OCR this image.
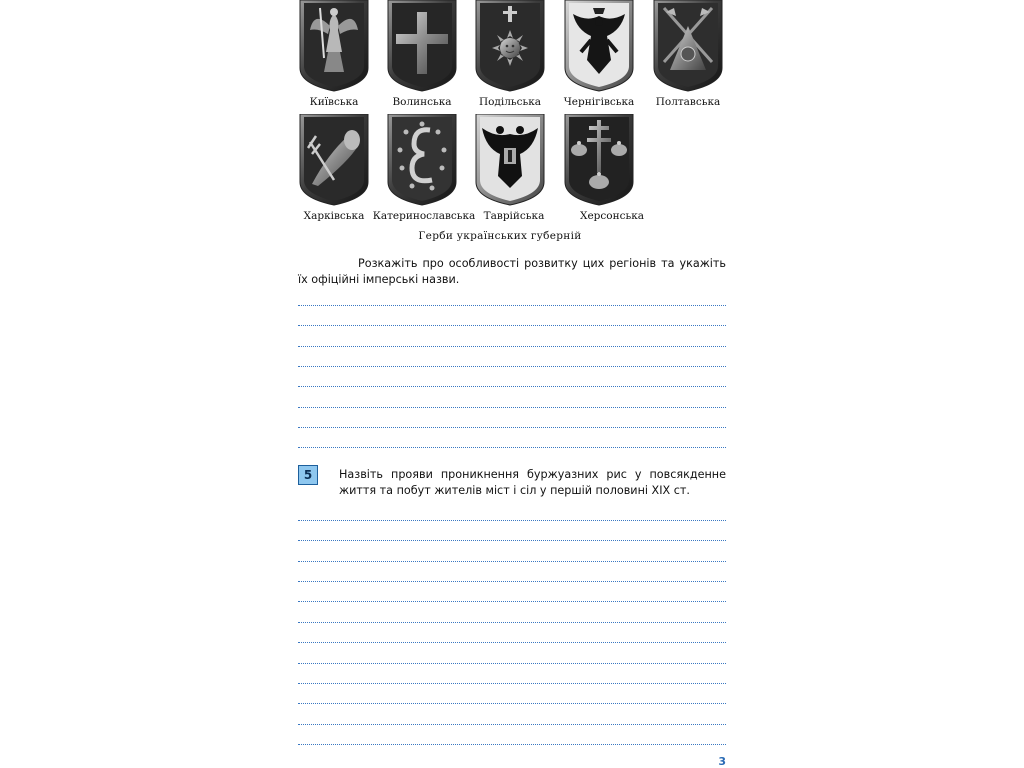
Київська	Волинська	Подільська	Чернігівська	Полтавська
Харківська Катеринославська Таврійська	Херсонська
Герби українських губерній
Розкажіть про особливості розвитку цих регіонів та укажіть їх офіційні імперські назви.
5	Назвіть прояви проникнення буржуазних рис у повсякденне життя та побут жителів міст і сіл у першій половині XIX ст.
3
